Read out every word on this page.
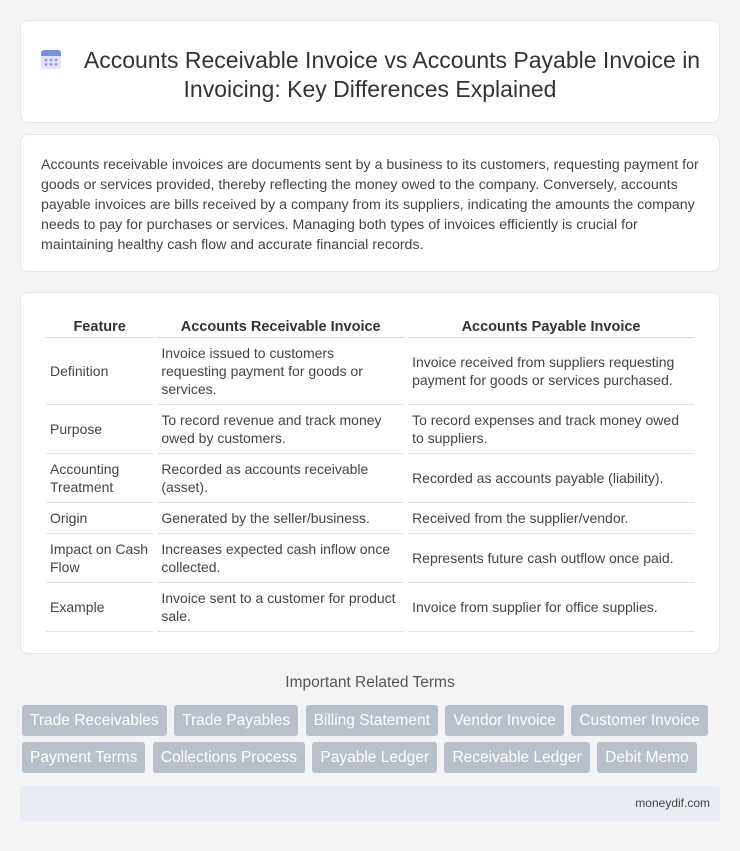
Accounts Receivable Invoice vs Accounts Payable Invoice in Invoicing: Key Differences Explained

Accounts receivable invoices are documents sent by a business to its customers, requesting payment for goods or services provided, thereby reflecting the money owed to the company. Conversely, accounts payable invoices are bills received by a company from its suppliers, indicating the amounts the company needs to pay for purchases or services. Managing both types of invoices efficiently is crucial for maintaining healthy cash flow and accurate financial records.

Feature	Accounts Receivable Invoice	Accounts Payable Invoice
Definition	Invoice issued to customers requesting payment for goods or services.	Invoice received from suppliers requesting payment for goods or services purchased.
Purpose	To record revenue and track money owed by customers.	To record expenses and track money owed to suppliers.
Accounting Treatment	Recorded as accounts receivable (asset).	Recorded as accounts payable (liability).
Origin	Generated by the seller/business.	Received from the supplier/vendor.
Impact on Cash Flow	Increases expected cash inflow once collected.	Represents future cash outflow once paid.
Example	Invoice sent to a customer for product sale.	Invoice from supplier for office supplies.
Important Related Terms
Trade Receivables Trade Payables Billing Statement Vendor Invoice Customer Invoice Payment Terms Collections Process Payable Ledger Receivable Ledger Debit Memo
moneydif.com
